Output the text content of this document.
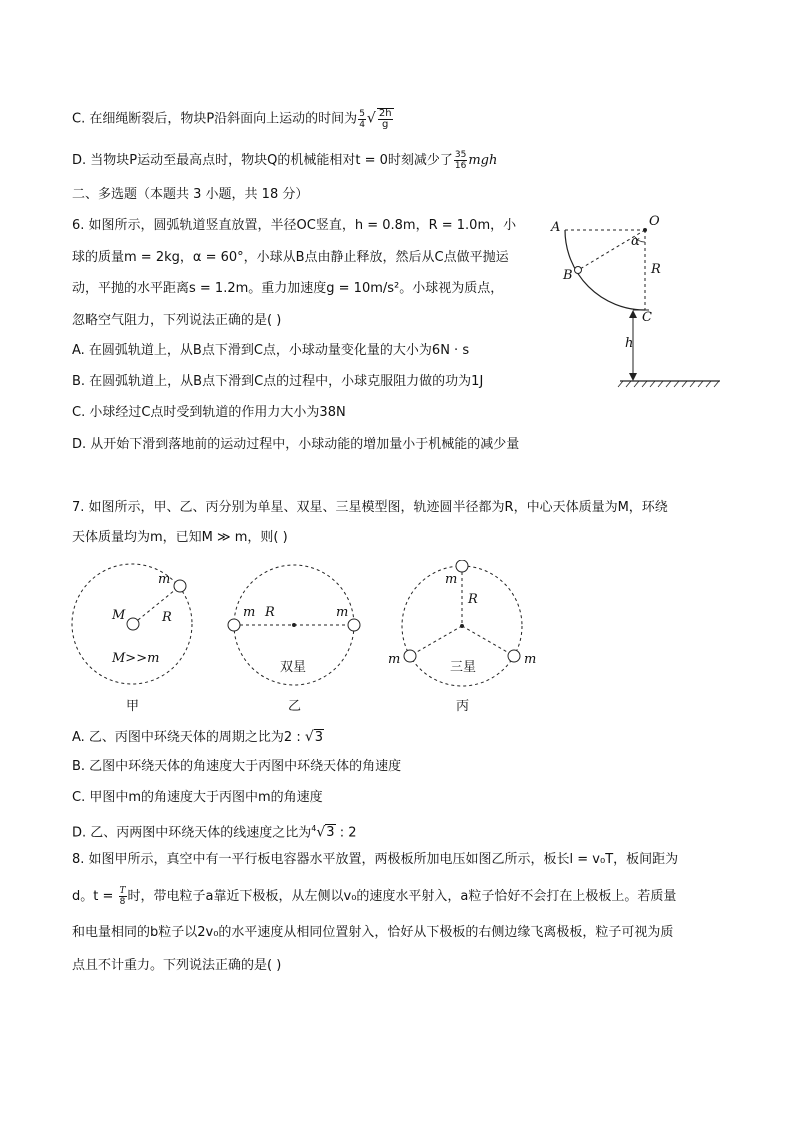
C. 在细绳断裂后，物块P沿斜面向上运动的时间为 $\frac{5}{4}$ √ $\frac{2h}{g}$
D. 当物块P运动至最高点时，物块Q的机械能相对t = 0时刻减少了 $\frac{35}{16}$ mgh
二、多选题（本题共 3 小题，共 18 分）
6. 如图所示，圆弧轨道竖直放置，半径OC竖直，h = 0.8m，R = 1.0m，小
球的质量m = 2kg，α = 60°，小球从B点由静止释放，然后从C点做平抛运
动，平抛的水平距离s = 1.2m。重力加速度g = 10m/s²。小球视为质点，
忽略空气阻力，下列说法正确的是( )
A. 在圆弧轨道上，从B点下滑到C点，小球动量变化量的大小为6N · s
B. 在圆弧轨道上，从B点下滑到C点的过程中，小球克服阻力做的功为1J
C. 小球经过C点时受到轨道的作用力大小为38N
D. 从开始下滑到落地前的运动过程中，小球动能的增加量小于机械能的减少量
A	O
α
B	R
C
h
7. 如图所示，甲、乙、丙分别为单星、双星、三星模型图，轨迹圆半径都为R，中心天体质量为M，环绕
天体质量均为m，已知M ≫ m，则( )
m
M	R
M>>m
甲
m R	m
双星
乙
m
R
m	m
三星
丙
A. 乙、丙图中环绕天体的周期之比为2 : √3
B. 乙图中环绕天体的角速度大于丙图中环绕天体的角速度
C. 甲图中m的角速度大于丙图中m的角速度
D. 乙、丙两图中环绕天体的线速度之比为$^4$√3 : 2
8. 如图甲所示，真空中有一平行板电容器水平放置，两极板所加电压如图乙所示，板长l = v₀T，板间距为
d。$t = \frac{T}{8}$ 时，带电粒子a靠近下极板，从左侧以v₀的速度水平射入，a粒子恰好不会打在上极板上。若质量
和电量相同的b粒子以2v₀的水平速度从相同位置射入，恰好从下极板的右侧边缘飞离极板，粒子可视为质
点且不计重力。下列说法正确的是( )
